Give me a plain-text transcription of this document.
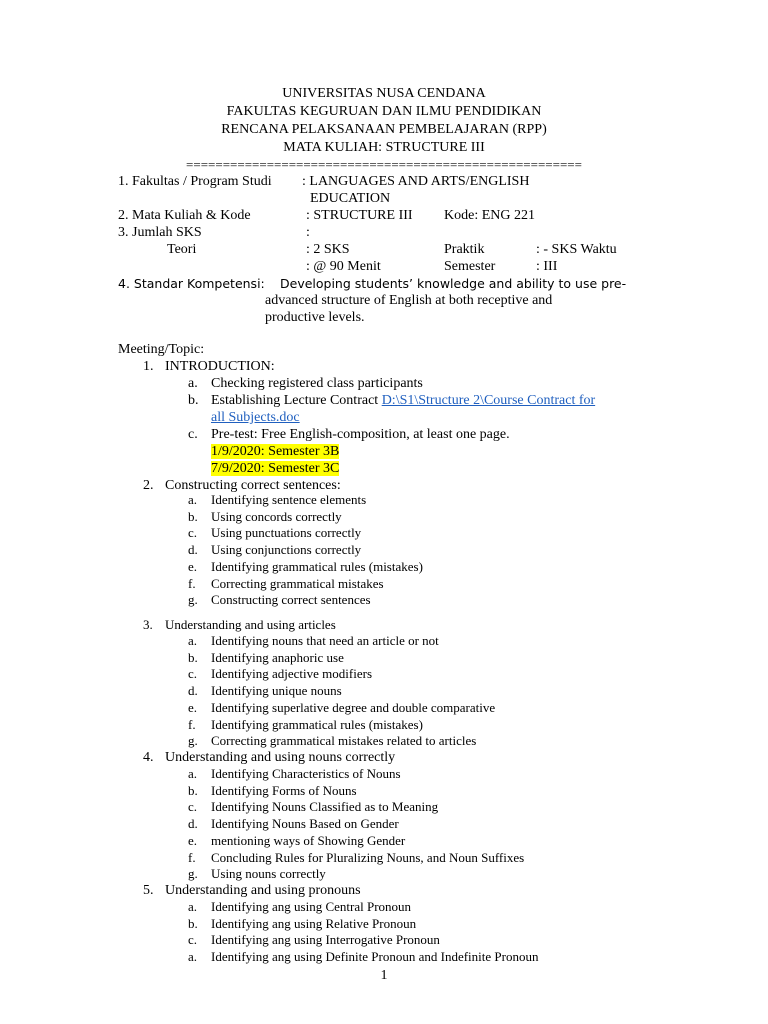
UNIVERSITAS NUSA CENDANA
FAKULTAS KEGURUAN DAN ILMU PENDIDIKAN
RENCANA PELAKSANAAN PEMBELAJARAN (RPP)
MATA KULIAH: STRUCTURE III
======================================================
1. Fakultas / Program Studi : LANGUAGES AND ARTS/ENGLISH
EDUCATION
2. Mata Kuliah & Kode	: STRUCTURE III Kode: ENG 221
3. Jumlah SKS	:
Teori	: 2 SKS	Praktik	: - SKS Waktu
: @ 90 Menit	Semester	: III
4. Standar Kompetensi: Developing students’ knowledge and ability to use pre-
advanced structure of English at both receptive and
productive levels.
Meeting/Topic:
1. INTRODUCTION:
a. Checking registered class participants
b. Establishing Lecture Contract D:\S1\Structure 2\Course Contract for
all Subjects.doc
c. Pre-test: Free English-composition, at least one page.
1/9/2020: Semester 3B
7/9/2020: Semester 3C
2. Constructing correct sentences:
a. Identifying sentence elements
b. Using concords correctly
c. Using punctuations correctly
d. Using conjunctions correctly
e. Identifying grammatical rules (mistakes)
f. Correcting grammatical mistakes
g. Constructing correct sentences
3. Understanding and using articles
a. Identifying nouns that need an article or not
b. Identifying anaphoric use
c. Identifying adjective modifiers
d. Identifying unique nouns
e. Identifying superlative degree and double comparative
f. Identifying grammatical rules (mistakes)
g. Correcting grammatical mistakes related to articles
4. Understanding and using nouns correctly
a. Identifying Characteristics of Nouns
b. Identifying Forms of Nouns
c. Identifying Nouns Classified as to Meaning
d. Identifying Nouns Based on Gender
e. mentioning ways of Showing Gender
f. Concluding Rules for Pluralizing Nouns, and Noun Suffixes
g. Using nouns correctly
5. Understanding and using pronouns
a. Identifying ang using Central Pronoun
b. Identifying ang using Relative Pronoun
c. Identifying ang using Interrogative Pronoun
a. Identifying ang using Definite Pronoun and Indefinite Pronoun
1
